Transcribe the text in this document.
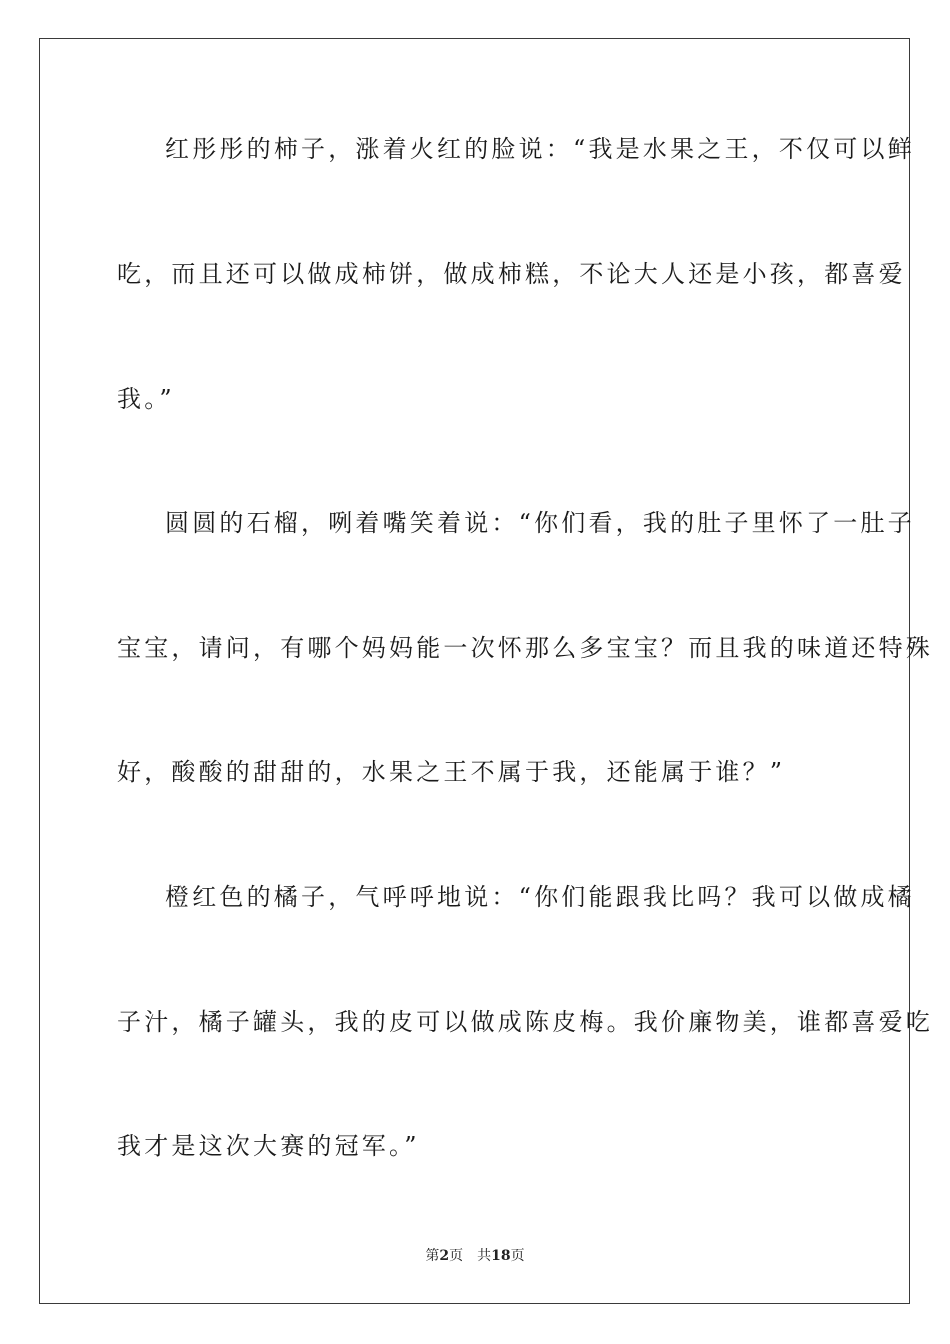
红彤彤的柿子，涨着火红的脸说：“我是水果之王，不仅可以鲜
吃，而且还可以做成柿饼，做成柿糕，不论大人还是小孩，都喜爱
我。”
圆圆的石榴，咧着嘴笑着说：“你们看，我的肚子里怀了一肚子
宝宝，请问，有哪个妈妈能一次怀那么多宝宝？而且我的味道还特殊
好，酸酸的甜甜的，水果之王不属于我，还能属于谁？”
橙红色的橘子，气呼呼地说：“你们能跟我比吗？我可以做成橘
子汁，橘子罐头，我的皮可以做成陈皮梅。我价廉物美，谁都喜爱吃
我才是这次大赛的冠军。”
第2页 共18页
